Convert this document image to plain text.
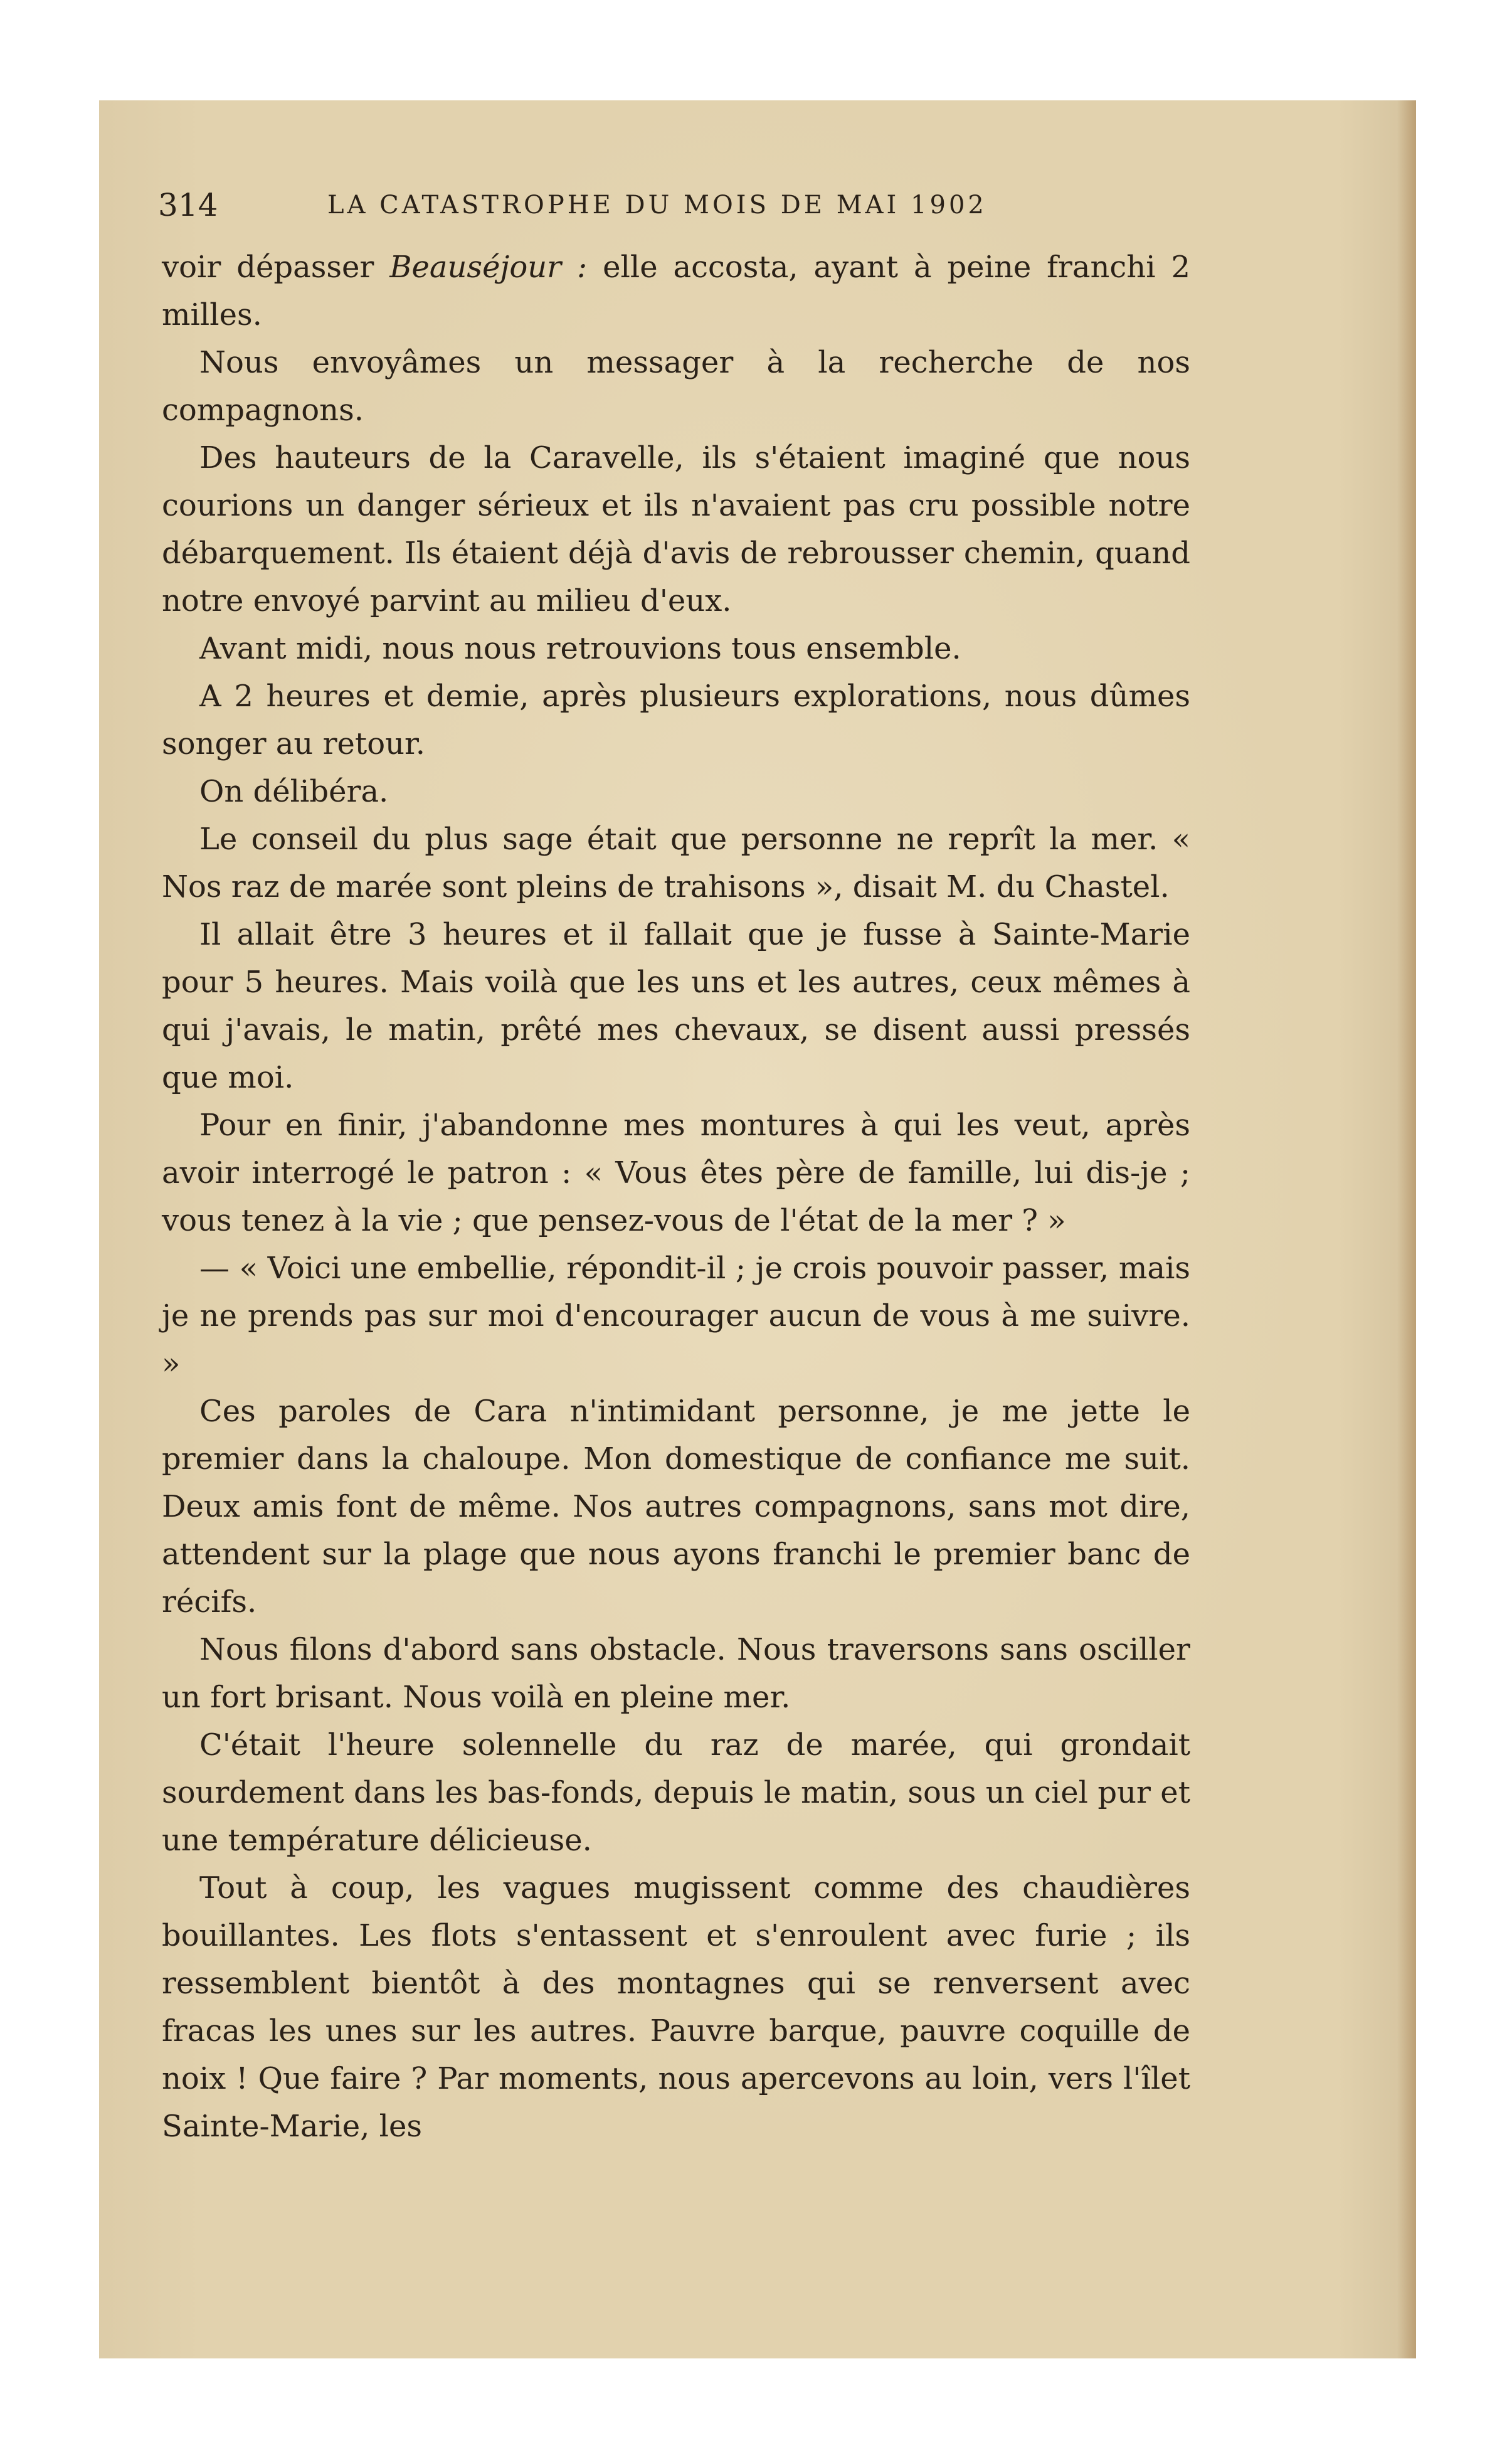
314	LA CATASTROPHE DU MOIS DE MAI 1902

voir dépasser Beauséjour : elle accosta, ayant à peine franchi 2 milles.

Nous envoyâmes un messager à la recherche de nos compagnons.

Des hauteurs de la Caravelle, ils s'étaient imaginé que nous courions un danger sérieux et ils n'avaient pas cru possible notre débarquement. Ils étaient déjà d'avis de rebrousser chemin, quand notre envoyé parvint au milieu d'eux.

Avant midi, nous nous retrouvions tous ensemble.

A 2 heures et demie, après plusieurs explorations, nous dûmes songer au retour.

On délibéra.

Le conseil du plus sage était que personne ne reprît la mer. « Nos raz de marée sont pleins de trahisons », disait M. du Chastel.

Il allait être 3 heures et il fallait que je fusse à Sainte-Marie pour 5 heures. Mais voilà que les uns et les autres, ceux mêmes à qui j'avais, le matin, prêté mes chevaux, se disent aussi pressés que moi.

Pour en finir, j'abandonne mes montures à qui les veut, après avoir interrogé le patron : « Vous êtes père de famille, lui dis-je ; vous tenez à la vie ; que pensez-vous de l'état de la mer ? »

— « Voici une embellie, répondit-il ; je crois pouvoir passer, mais je ne prends pas sur moi d'encourager aucun de vous à me suivre. »

Ces paroles de Cara n'intimidant personne, je me jette le premier dans la chaloupe. Mon domestique de confiance me suit. Deux amis font de même. Nos autres compagnons, sans mot dire, attendent sur la plage que nous ayons franchi le premier banc de récifs.

Nous filons d'abord sans obstacle. Nous traversons sans osciller un fort brisant. Nous voilà en pleine mer.

C'était l'heure solennelle du raz de marée, qui grondait sourdement dans les bas-fonds, depuis le matin, sous un ciel pur et une température délicieuse.

Tout à coup, les vagues mugissent comme des chaudières bouillantes. Les flots s'entassent et s'enroulent avec furie ; ils ressemblent bientôt à des montagnes qui se renversent avec fracas les unes sur les autres. Pauvre barque, pauvre coquille de noix ! Que faire ? Par moments, nous apercevons au loin, vers l'îlet Sainte-Marie, les
